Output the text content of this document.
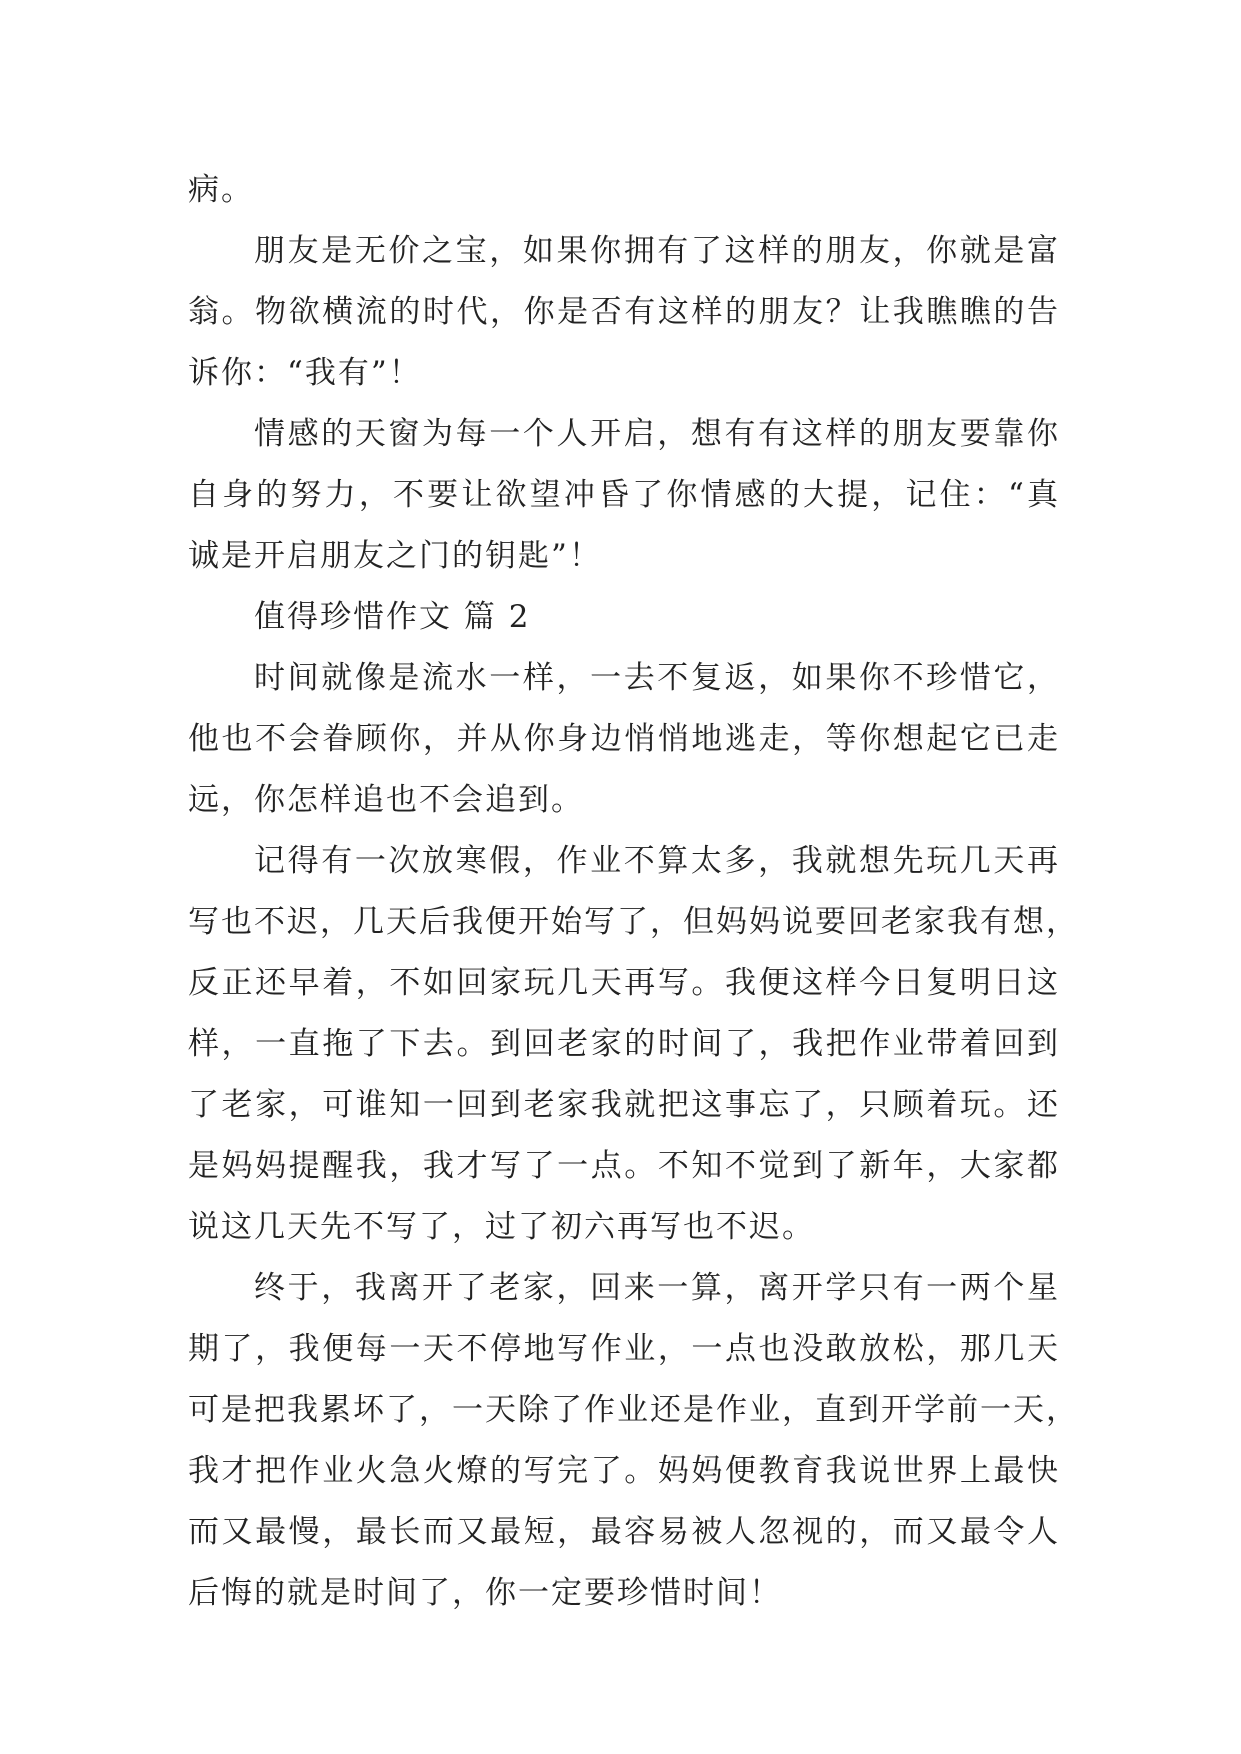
病。
朋友是无价之宝，如果你拥有了这样的朋友，你就是富
翁。物欲横流的时代，你是否有这样的朋友？让我瞧瞧的告
诉你：“我有”！
情感的天窗为每一个人开启，想有有这样的朋友要靠你
自身的努力，不要让欲望冲昏了你情感的大提，记住：“真
诚是开启朋友之门的钥匙”！
值得珍惜作文 篇 2
时间就像是流水一样，一去不复返，如果你不珍惜它，
他也不会眷顾你，并从你身边悄悄地逃走，等你想起它已走
远，你怎样追也不会追到。
记得有一次放寒假，作业不算太多，我就想先玩几天再
写也不迟，几天后我便开始写了，但妈妈说要回老家我有想，
反正还早着，不如回家玩几天再写。我便这样今日复明日这
样，一直拖了下去。到回老家的时间了，我把作业带着回到
了老家，可谁知一回到老家我就把这事忘了，只顾着玩。还
是妈妈提醒我，我才写了一点。不知不觉到了新年，大家都
说这几天先不写了，过了初六再写也不迟。
终于，我离开了老家，回来一算，离开学只有一两个星
期了，我便每一天不停地写作业，一点也没敢放松，那几天
可是把我累坏了，一天除了作业还是作业，直到开学前一天，
我才把作业火急火燎的写完了。妈妈便教育我说世界上最快
而又最慢，最长而又最短，最容易被人忽视的，而又最令人
后悔的就是时间了，你一定要珍惜时间！
